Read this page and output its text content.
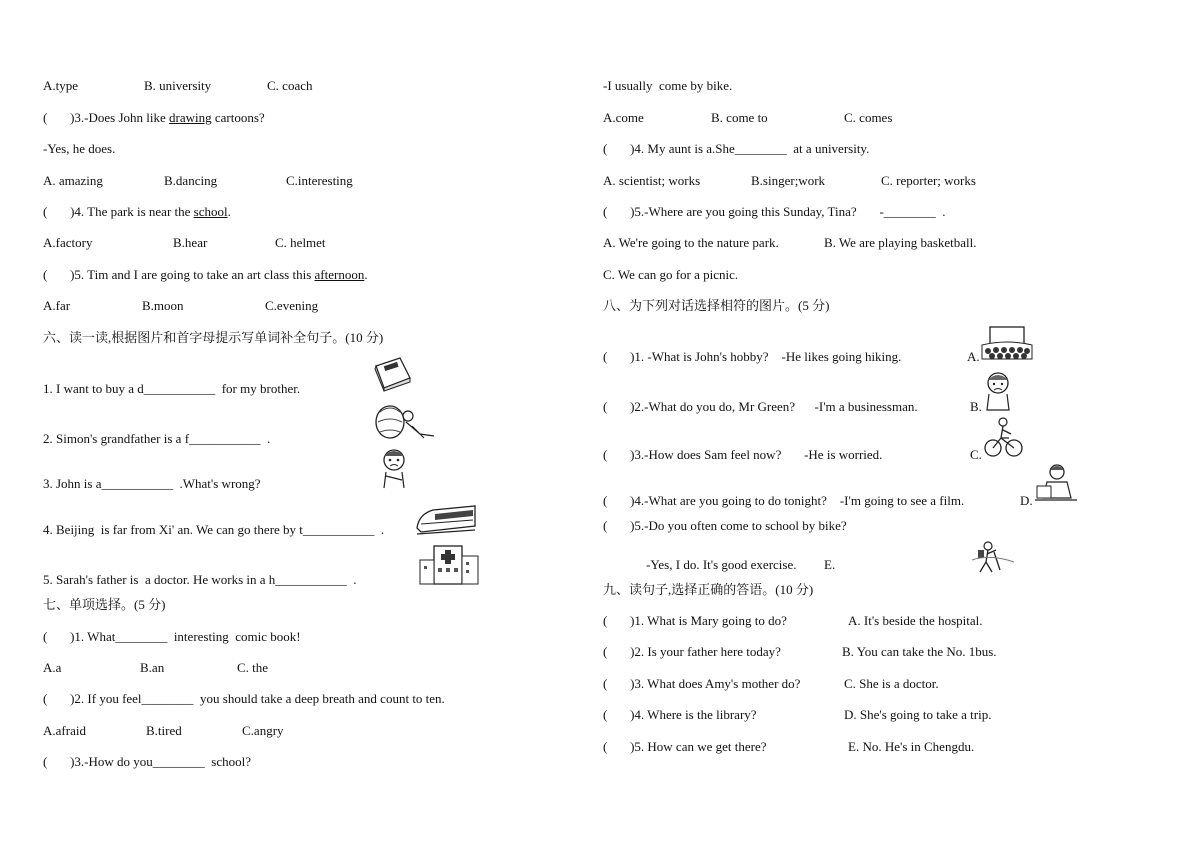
A.type	B. university	C. coach
(       )3.-Does John like drawing cartoons?
-Yes, he does.
A. amazing	B.dancing	C.interesting
(       )4. The park is near the school.
A.factory	B.hear	C. helmet
(       )5. Tim and I are going to take an art class this afternoon.
A.far	B.moon	C.evening
六、读一读,根据图片和首字母提示写单词补全句子。(10 分)
1. I want to buy a d___________  for my brother.
2. Simon's grandfather is a f___________  .
3. John is a___________  .What's wrong?
4. Beijing  is far from Xi' an. We can go there by t___________  .
5. Sarah's father is  a doctor. He works in a h___________  .
七、单项选择。(5 分)
(       )1. What________  interesting  comic book!
A.a	B.an	C. the
(       )2. If you feel________  you should take a deep breath and count to ten.
A.afraid	B.tired	C.angry
(       )3.-How do you________  school?
-I usually  come by bike.
A.come	B. come to	C. comes
(       )4. My aunt is a.She________  at a university.
A. scientist; works	B.singer;work	C. reporter; works
(       )5.-Where are you going this Sunday, Tina?       -________  .
A. We're going to the nature park.	B. We are playing basketball.
C. We can go for a picnic.
八、为下列对话选择相符的图片。(5 分)
(       )1. -What is John's hobby?    -He likes going hiking.	A.
(       )2.-What do you do, Mr Green?      -I'm a businessman.	B.
(       )3.-How does Sam feel now?       -He is worried.	C.
(       )4.-What are you going to do tonight?    -I'm going to see a film.	D.
(       )5.-Do you often come to school by bike?
-Yes, I do. It's good exercise. E.
九、读句子,选择正确的答语。(10 分)
(       )1. What is Mary going to do?	A. It's beside the hospital.
(       )2. Is your father here today?	B. You can take the No. 1bus.
(       )3. What does Amy's mother do?	C. She is a doctor.
(       )4. Where is the library?	D. She's going to take a trip.
(       )5. How can we get there?	E. No. He's in Chengdu.
